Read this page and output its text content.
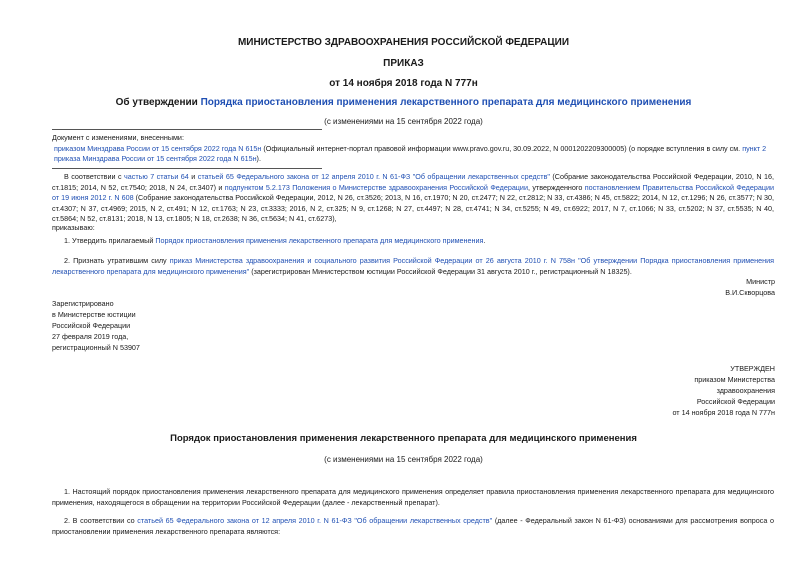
МИНИСТЕРСТВО ЗДРАВООХРАНЕНИЯ РОССИЙСКОЙ ФЕДЕРАЦИИ
ПРИКАЗ
от 14 ноября 2018 года N 777н
Об утверждении Порядка приостановления применения лекарственного препарата для медицинского применения
(с изменениями на 15 сентября 2022 года)
Документ с изменениями, внесенными:
приказом Минздрава России от 15 сентября 2022 года N 615н (Официальный интернет-портал правовой информации www.pravo.gov.ru, 30.09.2022, N 0001202209300005) (о порядке вступления в силу см. пункт 2 приказа Минздрава России от 15 сентября 2022 года N 615н).
В соответствии с частью 7 статьи 64 и статьей 65 Федерального закона от 12 апреля 2010 г. N 61-ФЗ "Об обращении лекарственных средств" (Собрание законодательства Российской Федерации, 2010, N 16, ст.1815; 2014, N 52, ст.7540; 2018, N 24, ст.3407) и подпунктом 5.2.173 Положения о Министерстве здравоохранения Российской Федерации, утвержденного постановлением Правительства Российской Федерации от 19 июня 2012 г. N 608 (Собрание законодательства Российской Федерации, 2012, N 26, ст.3526; 2013, N 16, ст.1970; N 20, ст.2477; N 22, ст.2812; N 33, ст.4386; N 45, ст.5822; 2014, N 12, ст.1296; N 26, ст.3577; N 30, ст.4307; N 37, ст.4969; 2015, N 2, ст.491; N 12, ст.1763; N 23, ст.3333; 2016, N 2, ст.325; N 9, ст.1268; N 27, ст.4497; N 28, ст.4741; N 34, ст.5255; N 49, ст.6922; 2017, N 7, ст.1066; N 33, ст.5202; N 37, ст.5535; N 40, ст.5864; N 52, ст.8131; 2018, N 13, ст.1805; N 18, ст.2638; N 36, ст.5634; N 41, ст.6273),
приказываю:
1. Утвердить прилагаемый Порядок приостановления применения лекарственного препарата для медицинского применения.
2. Признать утратившим силу приказ Министерства здравоохранения и социального развития Российской Федерации от 26 августа 2010 г. N 758н "Об утверждении Порядка приостановления применения лекарственного препарата для медицинского применения" (зарегистрирован Министерством юстиции Российской Федерации 31 августа 2010 г., регистрационный N 18325).
Министр
В.И.Скворцова
Зарегистрировано
в Министерстве юстиции
Российской Федерации
27 февраля 2019 года,
регистрационный N 53907
УТВЕРЖДЕН
приказом Министерства
здравоохранения
Российской Федерации
от 14 ноября 2018 года N 777н
Порядок приостановления применения лекарственного препарата для медицинского применения
(с изменениями на 15 сентября 2022 года)
1. Настоящий порядок приостановления применения лекарственного препарата для медицинского применения определяет правила приостановления применения лекарственного препарата для медицинского применения, находящегося в обращении на территории Российской Федерации (далее - лекарственный препарат).
2. В соответствии со статьей 65 Федерального закона от 12 апреля 2010 г. N 61-ФЗ "Об обращении лекарственных средств" (далее - Федеральный закон N 61-ФЗ) основаниями для рассмотрения вопроса о приостановлении применения лекарственного препарата являются:
